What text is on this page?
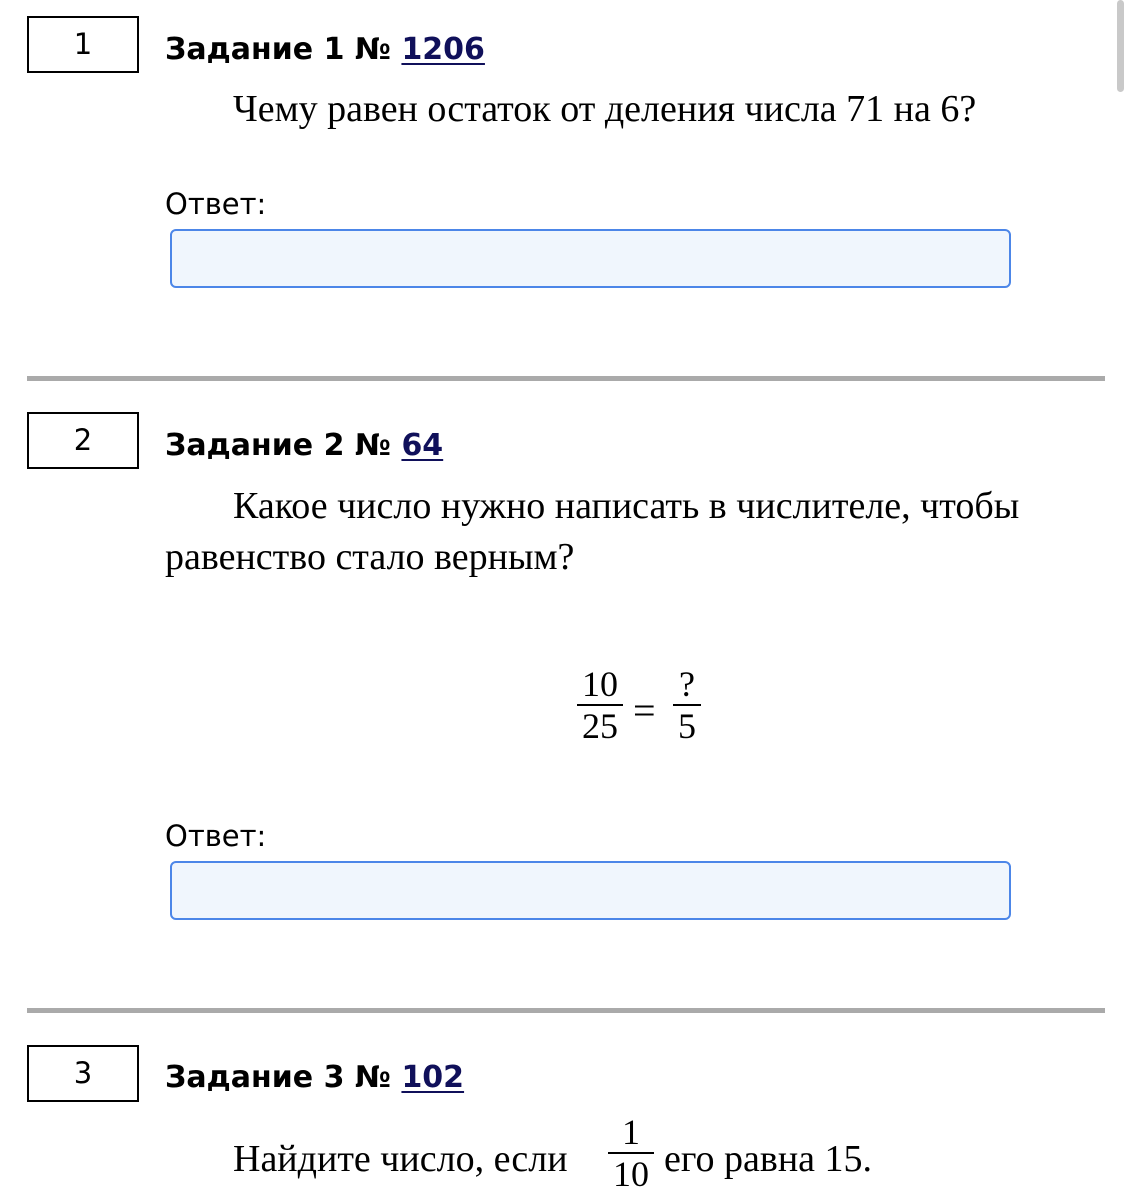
1	Задание 1 № 1206
Чему равен остаток от деления числа 71 на 6?
Ответ:
2	Задание 2 № 64
Какое число нужно написать в числителе, чтобы
равенство стало верным?
10
25 =
?
5
Ответ:
3	Задание 3 № 102
Найдите число, если
1
10 его равна 15.
